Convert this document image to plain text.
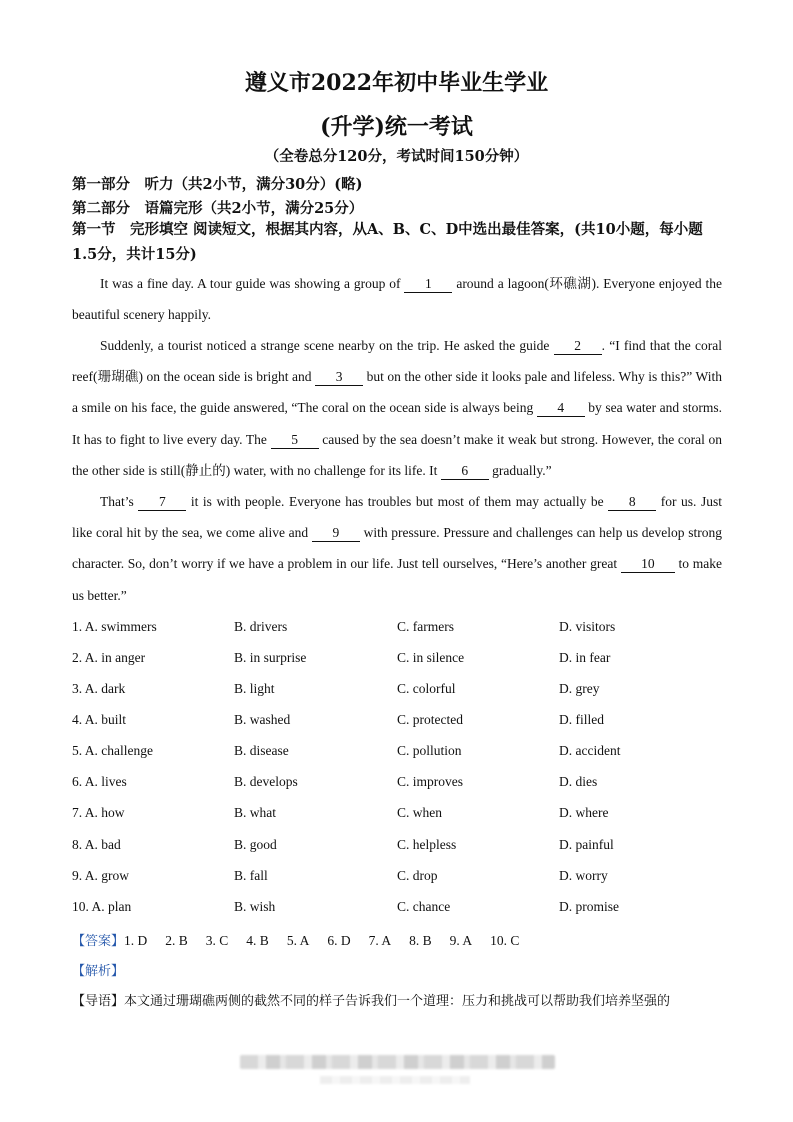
遵义市2022年初中毕业生学业
(升学)统一考试
（全卷总分120分，考试时间150分钟）
第一部分　听力（共2小节，满分30分）(略)
第二部分　语篇完形（共2小节，满分25分）
第一节　完形填空 阅读短文，根据其内容，从A、B、C、D中选出最佳答案，(共10小题，每小题1.5分，共计15分)
It was a fine day. A tour guide was showing a group of 1 around a lagoon(环礁湖). Everyone enjoyed the beautiful scenery happily.
Suddenly, a tourist noticed a strange scene nearby on the trip. He asked the guide 2 . “I find that the coral reef(珊瑚礁) on the ocean side is bright and 3 but on the other side it looks pale and lifeless. Why is this?” With a smile on his face, the guide answered, “The coral on the ocean side is always being 4 by sea water and storms. It has to fight to live every day. The 5 caused by the sea doesn’t make it weak but strong. However, the coral on the other side is still(静止的) water, with no challenge for its life. It 6 gradually.”
That’s 7 it is with people. Everyone has troubles but most of them may actually be 8 for us. Just like coral hit by the sea, we come alive and 9 with pressure. Pressure and challenges can help us develop strong character. So, don’t worry if we have a problem in our life. Just tell ourselves, “Here’s another great 10 to make us better.”
1. A. swimmers	B. drivers	C. farmers	D. visitors
2. A. in anger	B. in surprise	C. in silence	D. in fear
3. A. dark	B. light	C. colorful	D. grey
4. A. built	B. washed	C. protected	D. filled
5. A. challenge	B. disease	C. pollution	D. accident
6. A. lives	B. develops	C. improves	D. dies
7. A. how	B. what	C. when	D. where
8. A. bad	B. good	C. helpless	D. painful
9. A. grow	B. fall	C. drop	D. worry
10. A. plan	B. wish	C. chance	D. promise
【答案】1. D 2. B 3. C 4. B 5. A 6. D 7. A 8. B 9. A 10. C
【解析】
【导语】本文通过珊瑚礁两侧的截然不同的样子告诉我们一个道理：压力和挑战可以帮助我们培养坚强的
